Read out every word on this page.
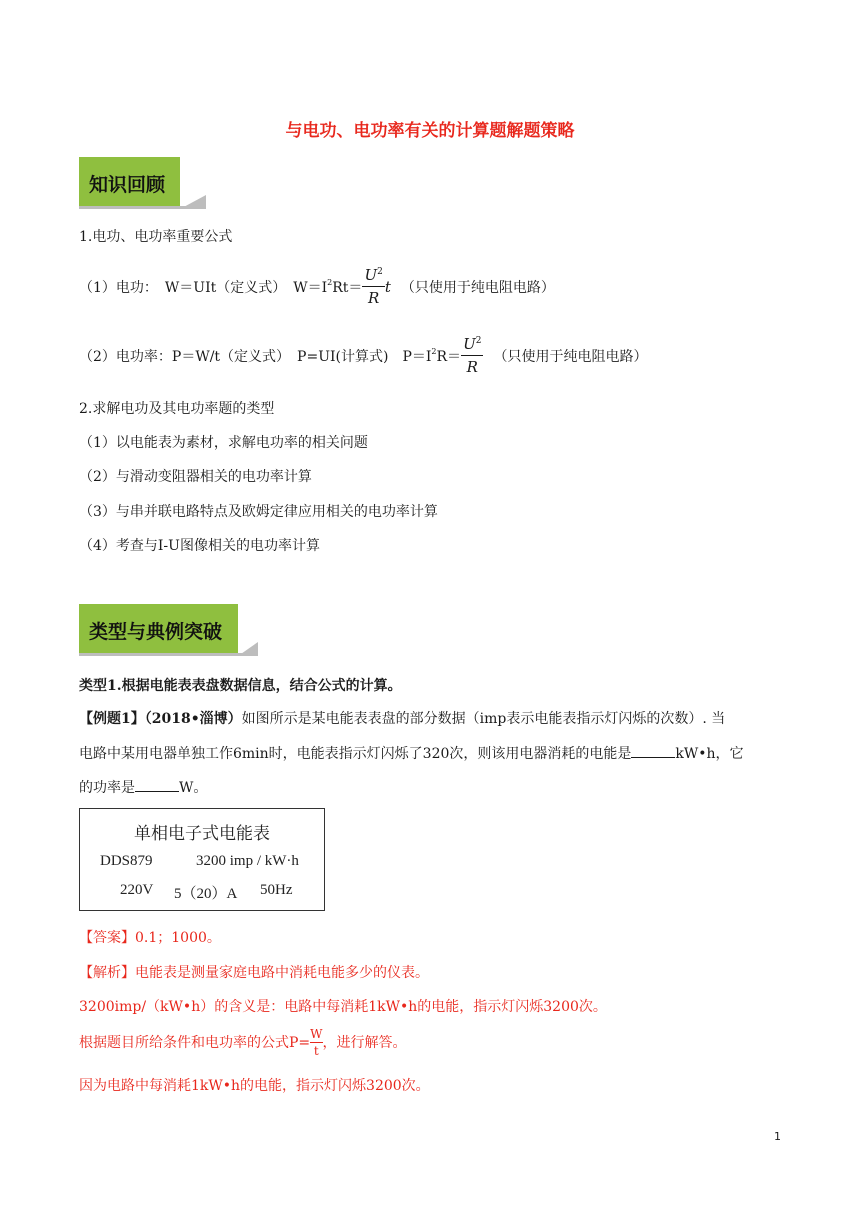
与电功、电功率有关的计算题解题策略
知识回顾
1.电功、电功率重要公式
（1）电功：　W＝UIt（定义式）　$W=I^2$ $Rt= \frac{U^2}{R}$ t （只使用于纯电阻电路）
（2）电功率：P＝W/t（定义式）　P=UI(计算式)　$P=I^2$ $R= \frac{U^2}{R}$ （只使用于纯电阻电路）
2.求解电功及其电功率题的类型
（1）以电能表为素材，求解电功率的相关问题
（2）与滑动变阻器相关的电功率计算
（3）与串并联电路特点及欧姆定律应用相关的电功率计算
（4）考查与I-U图像相关的电功率计算
类型与典例突破
类型1.根据电能表表盘数据信息，结合公式的计算。
【例题1】（2018•淄博）如图所示是某电能表表盘的部分数据（imp表示电能表指示灯闪烁的次数）. 当
电路中某用电器单独工作6min时，电能表指示灯闪烁了320次，则该用电器消耗的电能是	kW•h，它
的功率是	W。
单相电子式电能表
DDS879	3200 imp / kW·h
220V 5（20）A 50Hz
【答案】0.1；1000。
【解析】电能表是测量家庭电路中消耗电能多少的仪表。
3200imp/（kW•h）的含义是：电路中每消耗1kW•h的电能，指示灯闪烁3200次。
根据题目所给条件和电功率的公式$P= \frac{W}{t}$ ，进行解答。
因为电路中每消耗1kW•h的电能，指示灯闪烁3200次。
1
